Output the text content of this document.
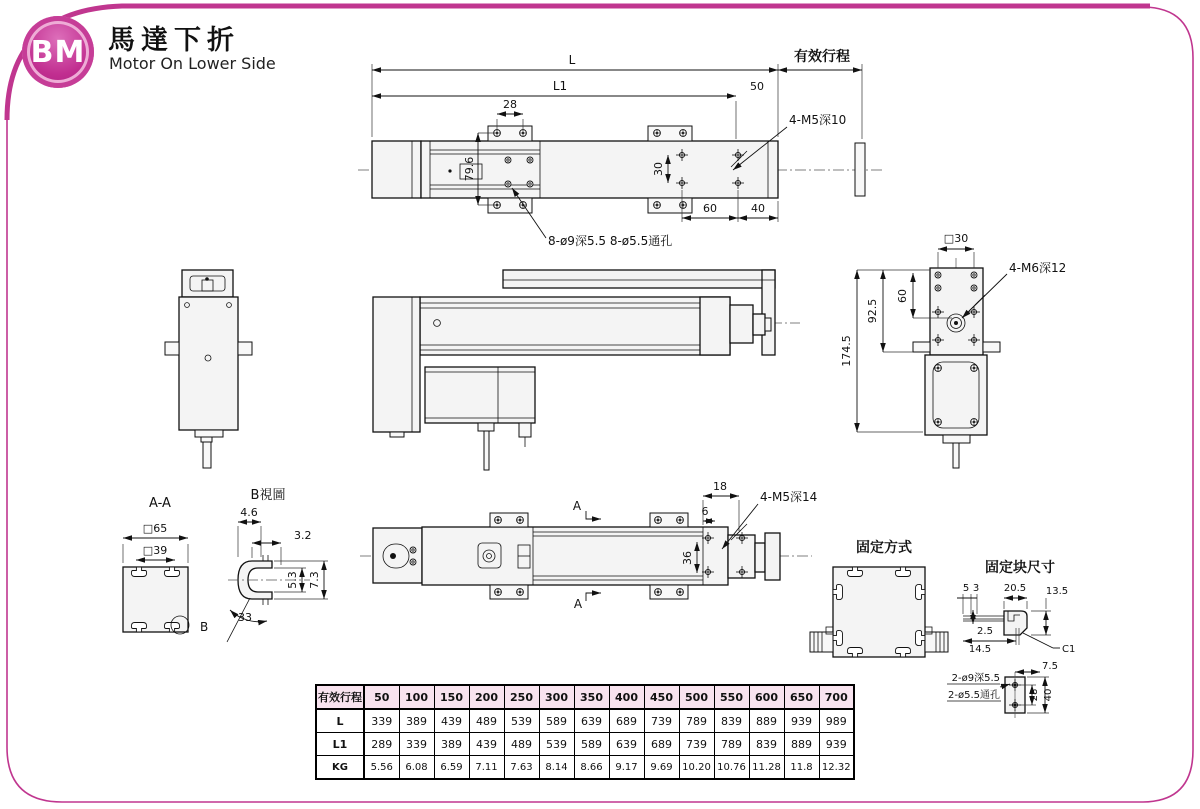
BM 馬達下折
Motor On Lower Side	L	有效行程
L1	50
28
79.6	30
60	40
4-M5深10
8-ø9深5.5 8-ø5.5通孔	□30
60
92.5
174.5
4-M6深12
A-A
□65
□39
B
B視圖
4.6
3.2
5.3 7.3
33
A
A
18
6
4-M5深14
36
固定方式
固定块尺寸
5 3 20.5 13.5
2.5
14.5	C1
7.5
28 40
2-ø9深5.5
2-ø5.5通孔
有效行程	50	100	150	200	250	300	350	400	450	500	550	600	650	700
L	339	389	439	489	539	589	639	689	739	789	839	889	939	989
L1	289	339	389	439	489	539	589	639	689	739	789	839	889	939
KG	5.56	6.08	6.59	7.11	7.63	8.14	8.66	9.17	9.69	10.20	10.76	11.28	11.8	12.32
